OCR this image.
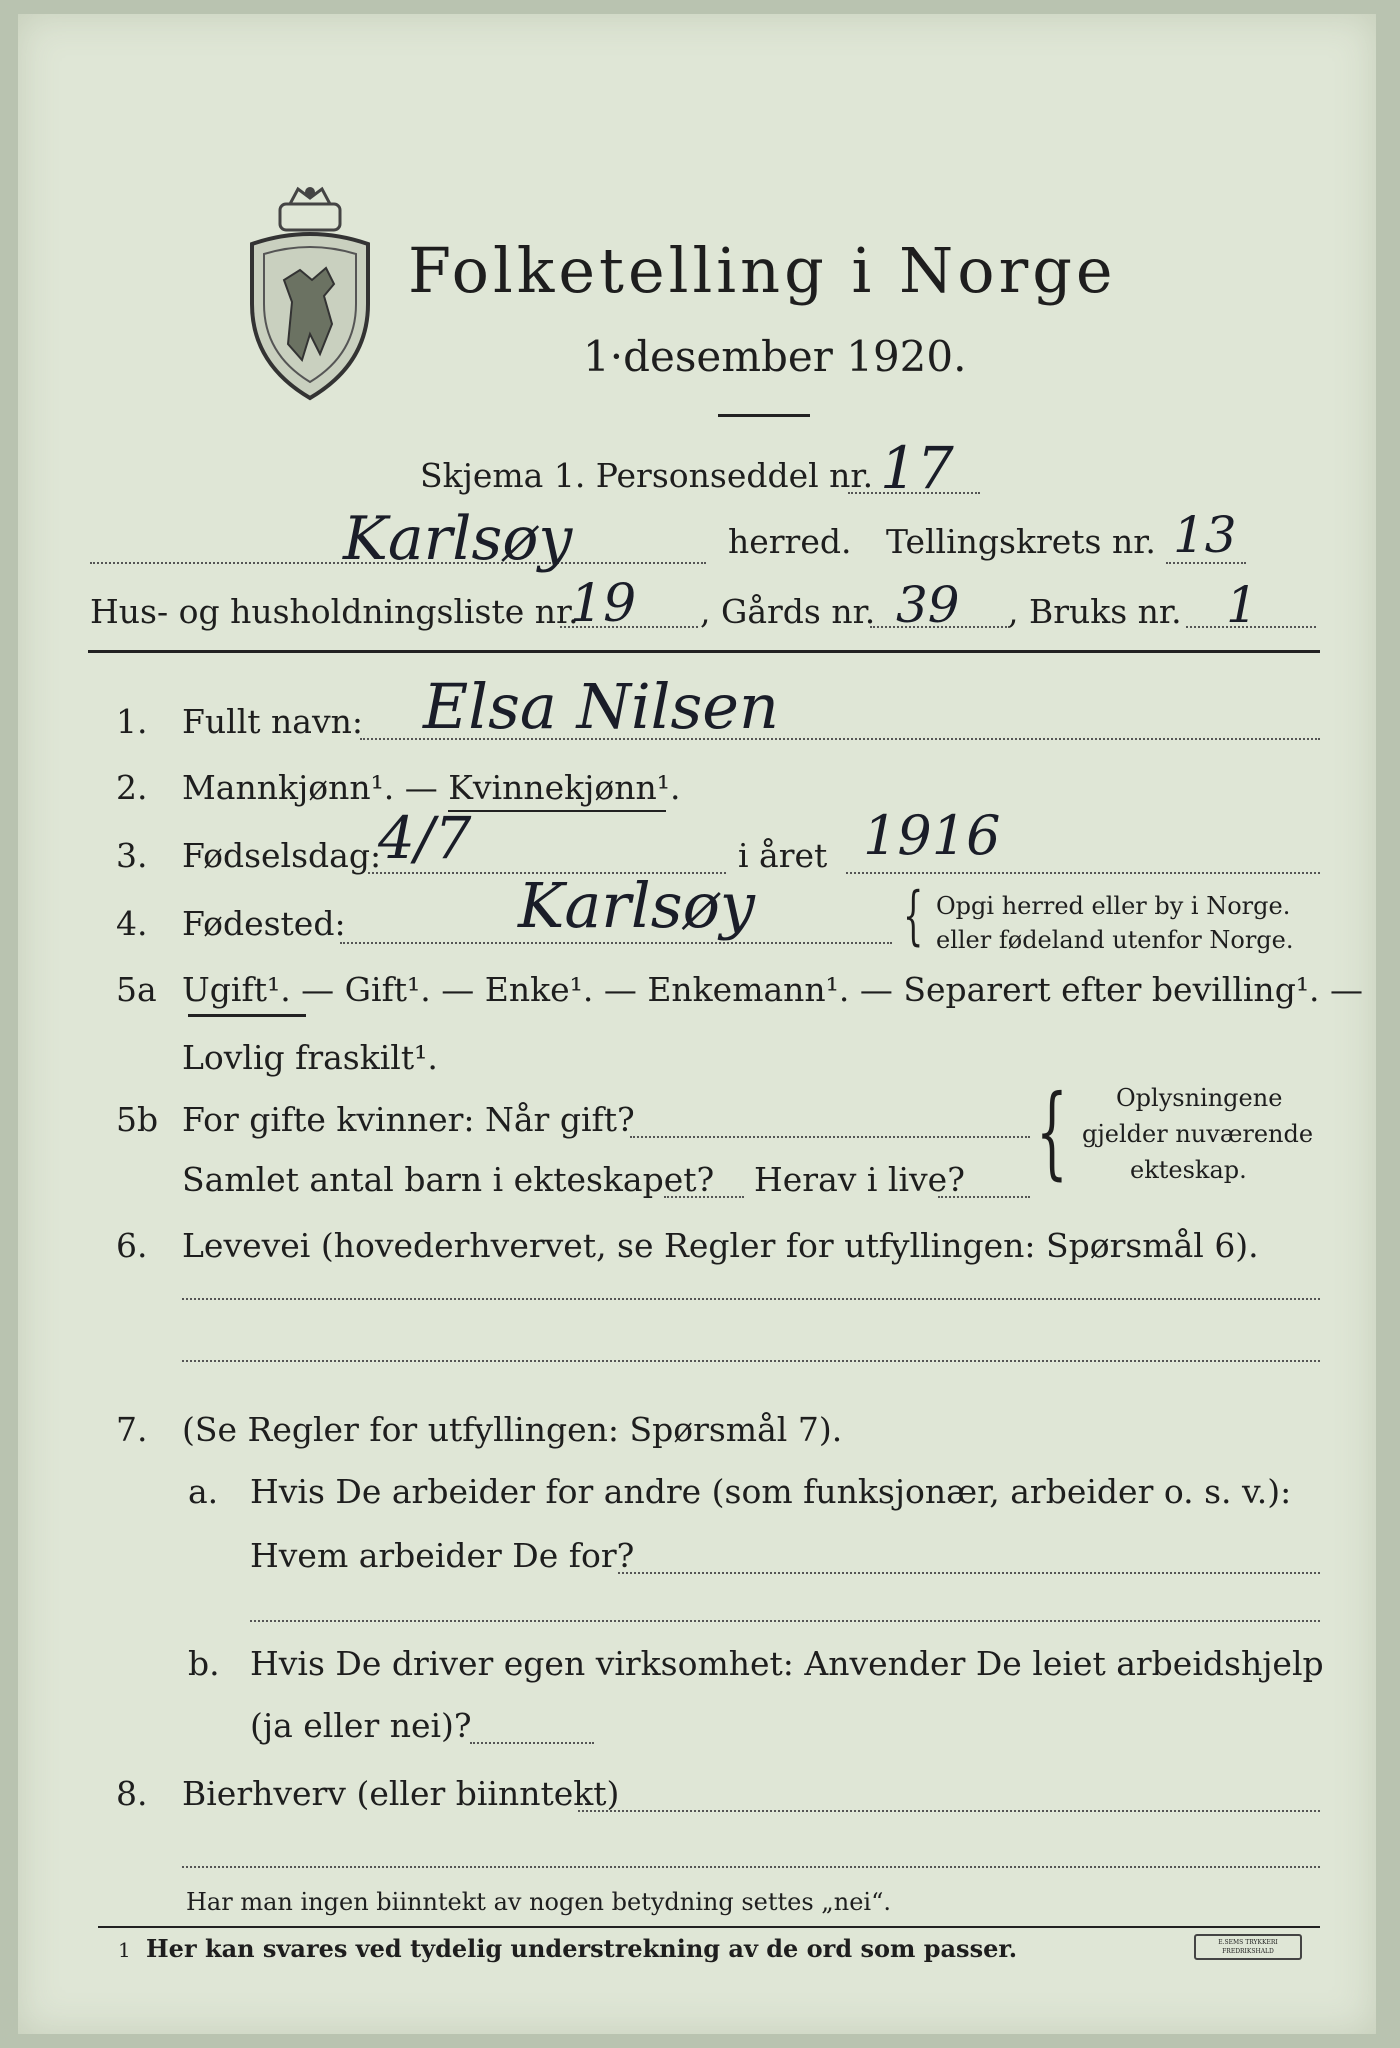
Folketelling i Norge
1·desember 1920.
Skjema 1. Personseddel nr. 17
Karlsøy	herred. Tellingskrets nr. 13
Hus- og husholdningsliste nr.
19 , Gårds nr. 39 , Bruks nr. 1
1. Fullt navn: Elsa Nilsen
2. Mannkjønn¹. — Kvinnekjønn¹.
3. Fødselsdag:
4/7	i året 1916
4. Fødested:	Karlsøy { Opgi herred eller by i Norge.
eller fødeland utenfor Norge.
5a Ugift¹. — Gift¹. — Enke¹. — Enkemann¹. — Separert efter bevilling¹. —
Lovlig fraskilt¹.
5b For gifte kvinner: Når gift?
Samlet antal barn i ekteskapet? Herav i live? { Oplysningene
gjelder nuværende
ekteskap.
6. Levevei (hovederhvervet, se Regler for utfyllingen: Spørsmål 6).
7. (Se Regler for utfyllingen: Spørsmål 7).
a. Hvis De arbeider for andre (som funksjonær, arbeider o. s. v.):
Hvem arbeider De for?
b. Hvis De driver egen virksomhet: Anvender De leiet arbeidshjelp
(ja eller nei)?
8. Bierhverv (eller biinntekt)
Har man ingen biinntekt av nogen betydning settes „nei“.
1 Her kan svares ved tydelig understrekning av de ord som passer.	E.SEMS TRYKKERI FREDRIKSHALD
